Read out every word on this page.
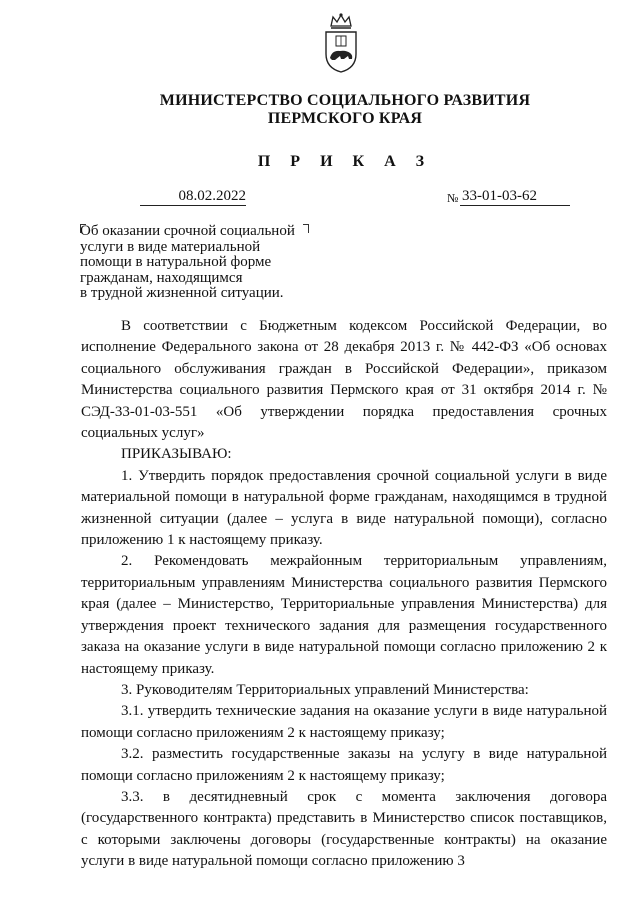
МИНИСТЕРСТВО СОЦИАЛЬНОГО РАЗВИТИЯ
ПЕРМСКОГО КРАЯ
П Р И К А З
08.02.2022	№ 33-01-03-62
Об оказании срочной социальной
услуги в виде материальной
помощи в натуральной форме
гражданам, находящимся
в трудной жизненной ситуации.

В соответствии с Бюджетным кодексом Российской Федерации, во исполнение Федерального закона от 28 декабря 2013 г. № 442-ФЗ «Об основах социального обслуживания граждан в Российской Федерации», приказом Министерства социального развития Пермского края от 31 октября 2014 г. № СЭД-33-01-03-551 «Об утверждении порядка предоставления срочных социальных услуг»

ПРИКАЗЫВАЮ:

1. Утвердить порядок предоставления срочной социальной услуги в виде материальной помощи в натуральной форме гражданам, находящимся в трудной жизненной ситуации (далее – услуга в виде натуральной помощи), согласно приложению 1 к настоящему приказу.

2. Рекомендовать межрайонным территориальным управлениям, территориальным управлениям Министерства социального развития Пермского края (далее – Министерство, Территориальные управления Министерства) для утверждения проект технического задания для размещения государственного заказа на оказание услуги в виде натуральной помощи согласно приложению 2 к настоящему приказу.

3. Руководителям Территориальных управлений Министерства:

3.1. утвердить технические задания на оказание услуги в виде натуральной помощи согласно приложениям 2 к настоящему приказу;

3.2. разместить государственные заказы на услугу в виде натуральной помощи согласно приложениям 2 к настоящему приказу;

3.3. в десятидневный срок с момента заключения договора (государственного контракта) представить в Министерство список поставщиков, с которыми заключены договоры (государственные контракты) на оказание услуги в виде натуральной помощи согласно приложению 3
